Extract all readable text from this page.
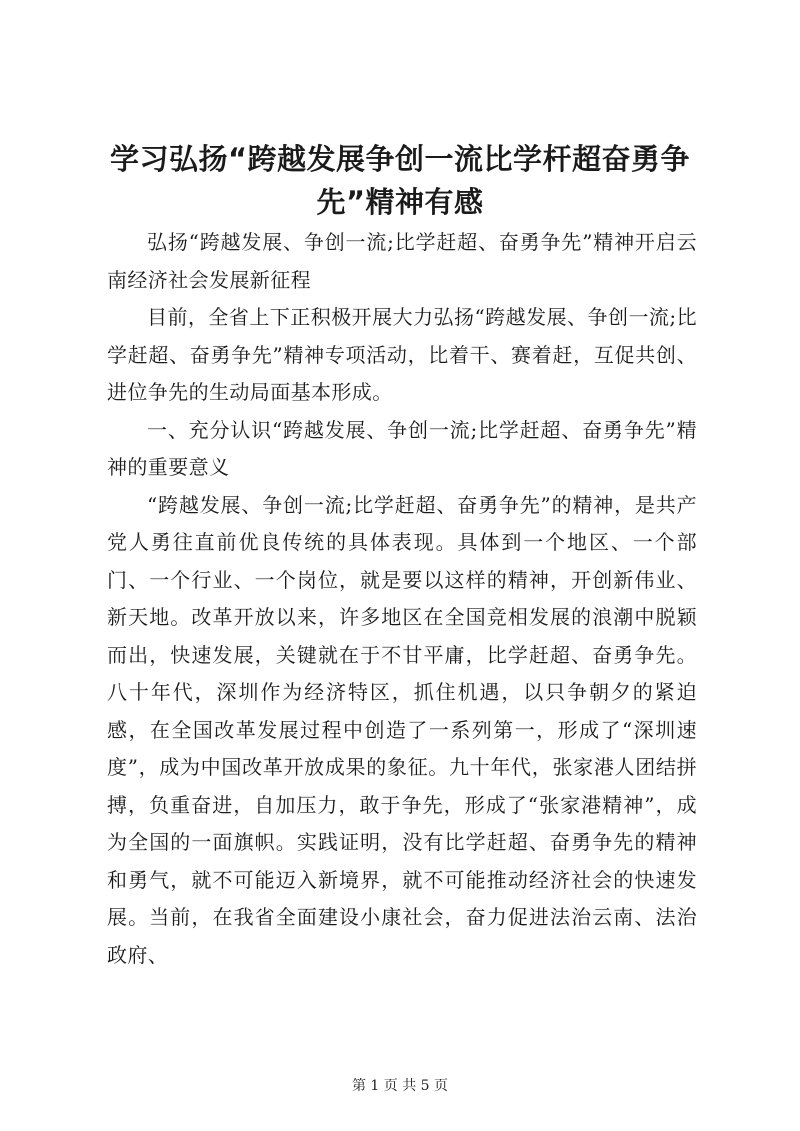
学习弘扬“跨越发展争创一流比学杆超奋勇争先”精神有感

弘扬“跨越发展、争创一流;比学赶超、奋勇争先”精神开启云南经济社会发展新征程

目前，全省上下正积极开展大力弘扬“跨越发展、争创一流;比学赶超、奋勇争先”精神专项活动，比着干、赛着赶，互促共创、进位争先的生动局面基本形成。

一、充分认识“跨越发展、争创一流;比学赶超、奋勇争先”精神的重要意义

“跨越发展、争创一流;比学赶超、奋勇争先”的精神，是共产党人勇往直前优良传统的具体表现。具体到一个地区、一个部门、一个行业、一个岗位，就是要以这样的精神，开创新伟业、新天地。改革开放以来，许多地区在全国竞相发展的浪潮中脱颖而出，快速发展，关键就在于不甘平庸，比学赶超、奋勇争先。八十年代，深圳作为经济特区，抓住机遇，以只争朝夕的紧迫感，在全国改革发展过程中创造了一系列第一，形成了“深圳速度”，成为中国改革开放成果的象征。九十年代，张家港人团结拼搏，负重奋进，自加压力，敢于争先，形成了“张家港精神”，成为全国的一面旗帜。实践证明，没有比学赶超、奋勇争先的精神和勇气，就不可能迈入新境界，就不可能推动经济社会的快速发展。当前，在我省全面建设小康社会，奋力促进法治云南、法治政府、

第 1 页 共 5 页
